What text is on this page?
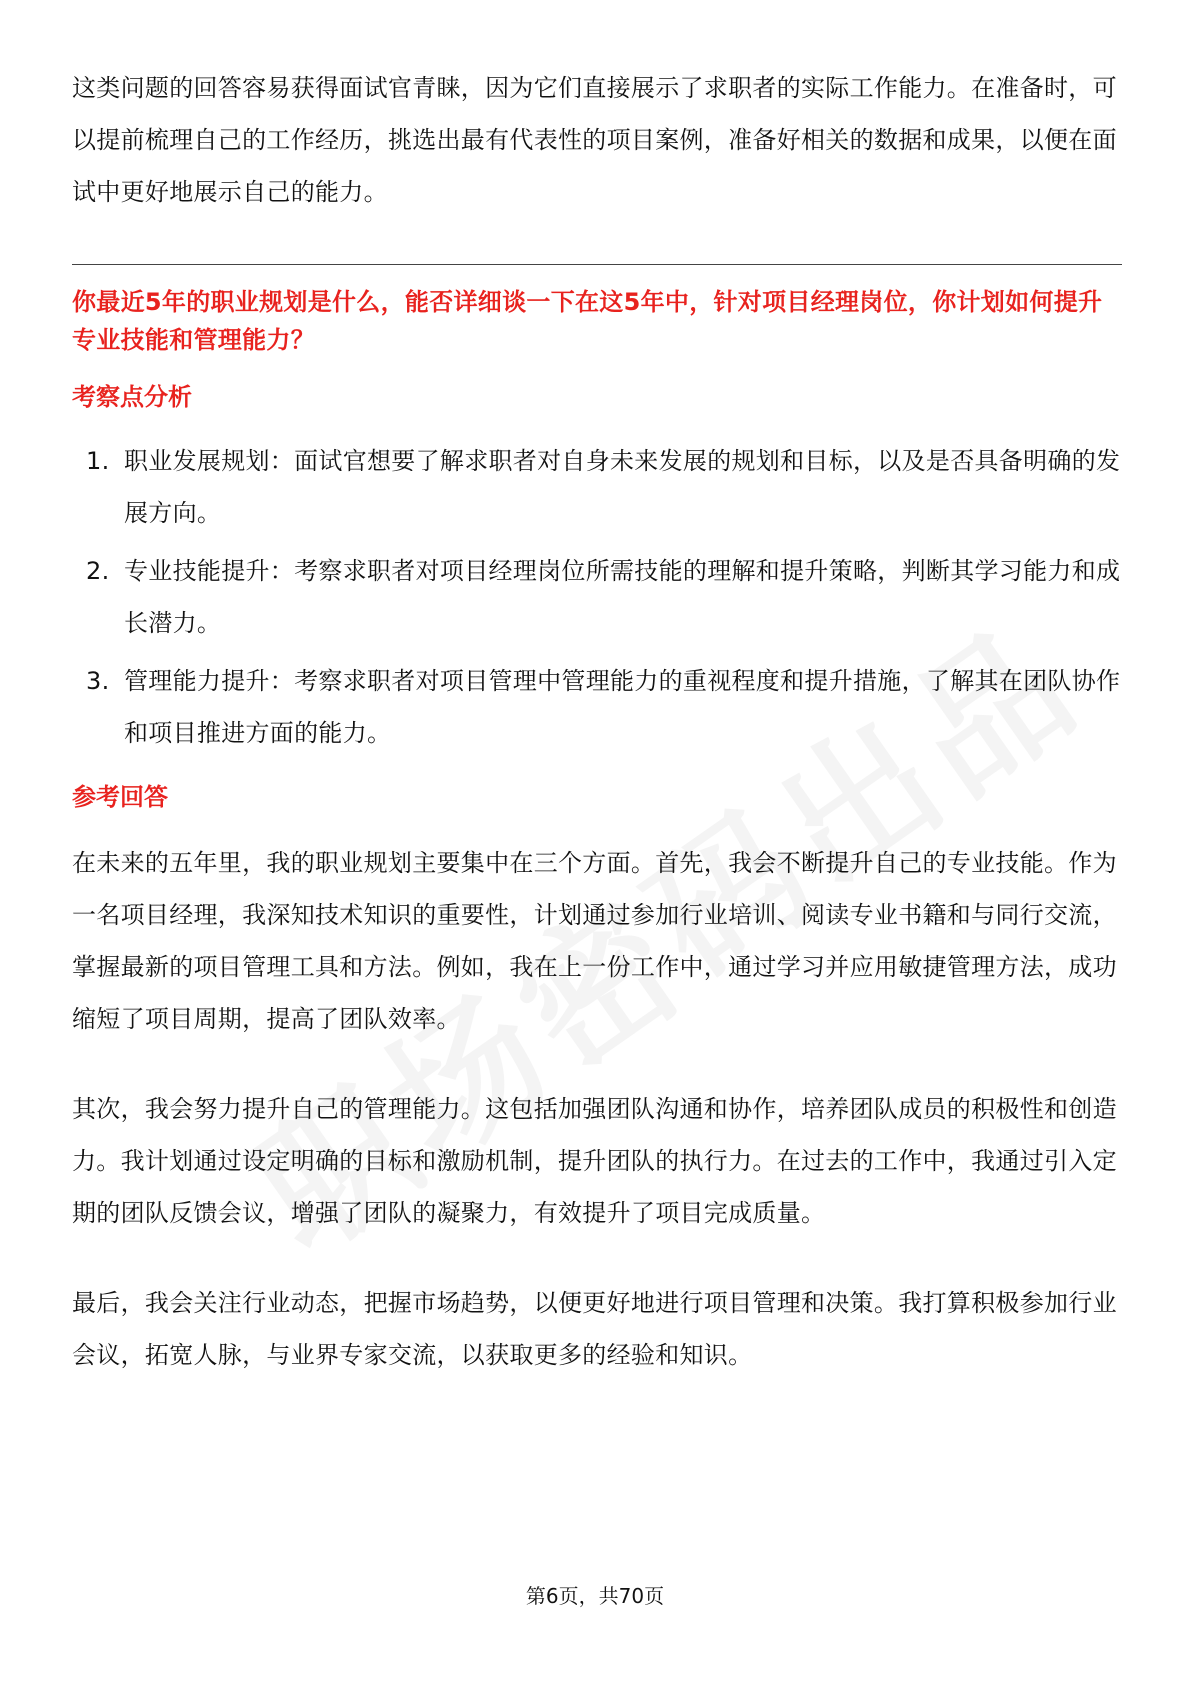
这类问题的回答容易获得面试官青睐，因为它们直接展示了求职者的实际工作能力。在准备时，可以提前梳理自己的工作经历，挑选出最有代表性的项目案例，准备好相关的数据和成果，以便在面试中更好地展示自己的能力。

你最近5年的职业规划是什么，能否详细谈一下在这5年中，针对项目经理岗位，你计划如何提升专业技能和管理能力？

考察点分析
1. 职业发展规划：面试官想要了解求职者对自身未来发展的规划和目标，以及是否具备明确的发展方向。
2. 专业技能提升：考察求职者对项目经理岗位所需技能的理解和提升策略，判断其学习能力和成长潜力。
3. 管理能力提升：考察求职者对项目管理中管理能力的重视程度和提升措施，了解其在团队协作和项目推进方面的能力。
参考回答

在未来的五年里，我的职业规划主要集中在三个方面。首先，我会不断提升自己的专业技能。作为一名项目经理，我深知技术知识的重要性，计划通过参加行业培训、阅读专业书籍和与同行交流，掌握最新的项目管理工具和方法。例如，我在上一份工作中，通过学习并应用敏捷管理方法，成功缩短了项目周期，提高了团队效率。

其次，我会努力提升自己的管理能力。这包括加强团队沟通和协作，培养团队成员的积极性和创造力。我计划通过设定明确的目标和激励机制，提升团队的执行力。在过去的工作中，我通过引入定期的团队反馈会议，增强了团队的凝聚力，有效提升了项目完成质量。

最后，我会关注行业动态，把握市场趋势，以便更好地进行项目管理和决策。我打算积极参加行业会议，拓宽人脉，与业界专家交流，以获取更多的经验和知识。

第6页，共70页
